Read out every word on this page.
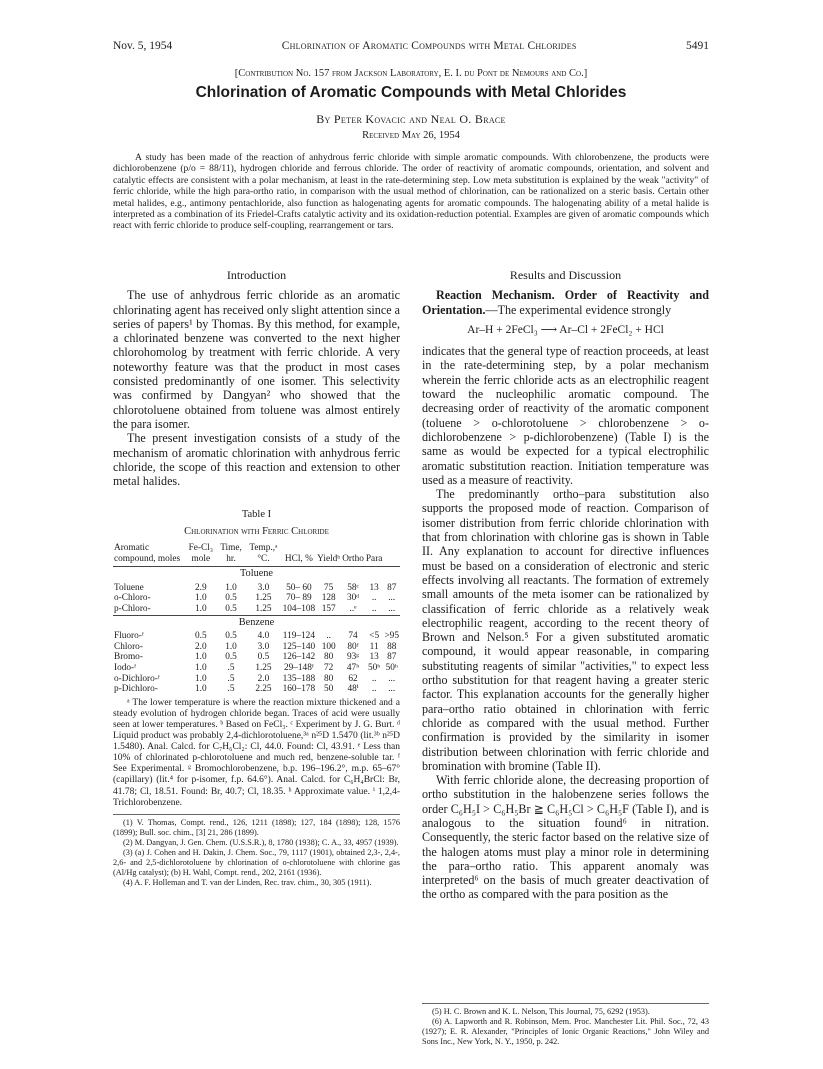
Nov. 5, 1954	Chlorination of Aromatic Compounds with Metal Chlorides	5491
[Contribution No. 157 from Jackson Laboratory, E. I. du Pont de Nemours and Co.]
Chlorination of Aromatic Compounds with Metal Chlorides
By Peter Kovacic and Neal O. Brace
Received May 26, 1954
A study has been made of the reaction of anhydrous ferric chloride with simple aromatic compounds. With chlorobenzene, the products were dichlorobenzene (p/o = 88/11), hydrogen chloride and ferrous chloride. The order of reactivity of aromatic compounds, orientation, and solvent and catalytic effects are consistent with a polar mechanism, at least in the rate-determining step. Low meta substitution is explained by the weak "activity" of ferric chloride, while the high para-ortho ratio, in comparison with the usual method of chlorination, can be rationalized on a steric basis. Certain other metal halides, e.g., antimony pentachloride, also function as halogenating agents for aromatic compounds. The halogenating ability of a metal halide is interpreted as a combination of its Friedel-Crafts catalytic activity and its oxidation-reduction potential. Examples are given of aromatic compounds which react with ferric chloride to produce self-coupling, rearrangement or tars.
Introduction

The use of anhydrous ferric chloride as an aromatic chlorinating agent has received only slight attention since a series of papers¹ by Thomas. By this method, for example, a chlorinated benzene was converted to the next higher chlorohomolog by treatment with ferric chloride. A very noteworthy feature was that the product in most cases consisted predominantly of one isomer. This selectivity was confirmed by Dangyan² who showed that the chlorotoluene obtained from toluene was almost entirely the para isomer.

The present investigation consists of a study of the mechanism of aromatic chlorination with anhydrous ferric chloride, the scope of this reaction and extension to other metal halides.

Table I
Chlorination with Ferric Chloride
Aromatic compound, moles	Fe-Cl₃ mole	Time, hr.	Temp.,ᵃ °C.	HCl, %	Yieldᵇ	Ortho	Para	
Toluene								
Toluene	2.9	1.0	3.0	50– 60	75	58ᶜ	13	87
o-Chloro-	1.0	0.5	1.25	70– 89	128	30ᵈ	..	...
p-Chloro-	1.0	0.5	1.25	104–108	157	..ᵉ	..	...
Benzene								
Fluoro-ᶠ	0.5	0.5	4.0	119–124	..	74	<5	>95
Chloro-	2.0	1.0	3.0	125–140	100	80ᶠ	11	88
Bromo-	1.0	0.5	0.5	126–142	80	93ᵍ	13	87
Iodo-ᶠ	1.0	.5	1.25	29–148ᶠ	72	47ʰ	50ʰ	50ʰ
o-Dichloro-ᶠ	1.0	.5	2.0	135–188	80	62	..	...
p-Dichloro-	1.0	.5	2.25	160–178	50	48ⁱ	..	...

ᵃ The lower temperature is where the reaction mixture thickened and a steady evolution of hydrogen chloride began. Traces of acid were usually seen at lower temperatures. ᵇ Based on FeCl₃. ᶜ Experiment by J. G. Burt. ᵈ Liquid product was probably 2,4-dichlorotoluene,³ᵃ n²⁵D 1.5470 (lit.³ᵇ n²⁵D 1.5480). Anal. Calcd. for C₇H₆Cl₂: Cl, 44.0. Found: Cl, 43.91. ᵉ Less than 10% of chlorinated p-chlorotoluene and much red, benzene-soluble tar. ᶠ See Experimental. ᵍ Bromochlorobenzene, b.p. 196–196.2°, m.p. 65–67° (capillary) (lit.⁴ for p-isomer, f.p. 64.6°). Anal. Calcd. for C₆H₄BrCl: Br, 41.78; Cl, 18.51. Found: Br, 40.7; Cl, 18.35. ʰ Approximate value. ⁱ 1,2,4-Trichlorobenzene.

(1) V. Thomas, Compt. rend., 126, 1211 (1898); 127, 184 (1898); 128, 1576 (1899); Bull. soc. chim., [3] 21, 286 (1899).

(2) M. Dangyan, J. Gen. Chem. (U.S.S.R.), 8, 1780 (1938); C. A., 33, 4957 (1939).

(3) (a) J. Cohen and H. Dakin, J. Chem. Soc., 79, 1117 (1901), obtained 2,3-, 2,4-, 2,6- and 2,5-dichlorotoluene by chlorination of o-chlorotoluene with chlorine gas (Al/Hg catalyst); (b) H. Wahl, Compt. rend., 202, 2161 (1936).

(4) A. F. Holleman and T. van der Linden, Rec. trav. chim., 30, 305 (1911).

Results and Discussion

Reaction Mechanism. Order of Reactivity and Orientation.—The experimental evidence strongly

Ar–H + 2FeCl₃ ⟶ Ar–Cl + 2FeCl₂ + HCl

indicates that the general type of reaction proceeds, at least in the rate-determining step, by a polar mechanism wherein the ferric chloride acts as an electrophilic reagent toward the nucleophilic aromatic compound. The decreasing order of reactivity of the aromatic component (toluene > o-chlorotoluene > chlorobenzene > o-dichlorobenzene > p-dichlorobenzene) (Table I) is the same as would be expected for a typical electrophilic aromatic substitution reaction. Initiation temperature was used as a measure of reactivity.

The predominantly ortho–para substitution also supports the proposed mode of reaction. Comparison of isomer distribution from ferric chloride chlorination with that from chlorination with chlorine gas is shown in Table II. Any explanation to account for directive influences must be based on a consideration of electronic and steric effects involving all reactants. The formation of extremely small amounts of the meta isomer can be rationalized by classification of ferric chloride as a relatively weak electrophilic reagent, according to the recent theory of Brown and Nelson.⁵ For a given substituted aromatic compound, it would appear reasonable, in comparing substituting reagents of similar "activities," to expect less ortho substitution for that reagent having a greater steric factor. This explanation accounts for the generally higher para–ortho ratio obtained in chlorination with ferric chloride as compared with the usual method. Further confirmation is provided by the similarity in isomer distribution between chlorination with ferric chloride and bromination with bromine (Table II).

With ferric chloride alone, the decreasing proportion of ortho substitution in the halobenzene series follows the order C₆H₅I > C₆H₅Br ≧ C₆H₅Cl > C₆H₅F (Table I), and is analogous to the situation found⁶ in nitration. Consequently, the steric factor based on the relative size of the halogen atoms must play a minor role in determining the para–ortho ratio. This apparent anomaly was interpreted⁶ on the basis of much greater deactivation of the ortho as compared with the para position as the

(5) H. C. Brown and K. L. Nelson, This Journal, 75, 6292 (1953).

(6) A. Lapworth and R. Robinson, Mem. Proc. Manchester Lit. Phil. Soc., 72, 43 (1927); E. R. Alexander, "Principles of Ionic Organic Reactions," John Wiley and Sons Inc., New York, N. Y., 1950, p. 242.
